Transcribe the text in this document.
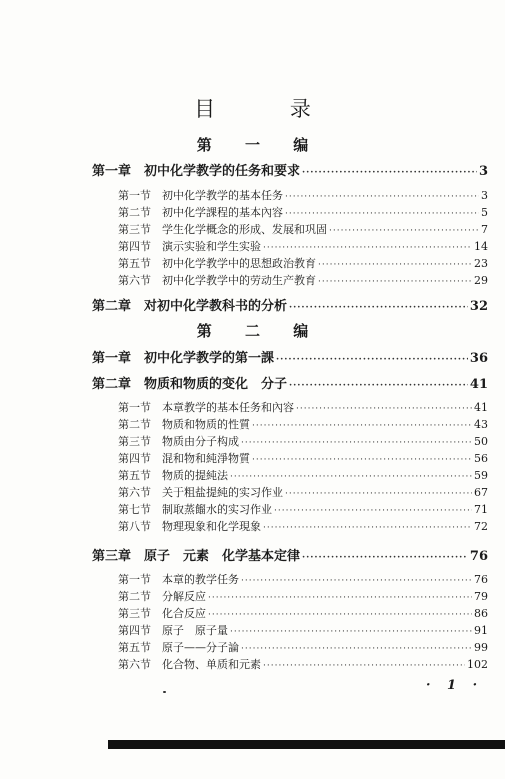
目 录
第 一 编
第 二 编
第一章 初中化学教学的任务和要求 ·····	3
第一节	初中化学教学的基本任务 ·····	3
第二节	初中化学課程的基本內容 ·····	5
第三节	学生化学概念的形成、发展和巩固 ·····	7
第四节	演示实验和学生实验 ·····	14
第五节	初中化学教学中的思想政治教育 ·····	23
第六节	初中化学教学中的劳动生产教育 ·····	29
第二章 对初中化学教科书的分析 ·····	32
第一章 初中化学教学的第一課 ·····	36
第二章 物质和物质的变化　分子 ·····	41
第一节	本章教学的基本任务和內容 ·····	41
第二节	物质和物质的性質 ·····	43
第三节	物质由分子构成 ·····	50
第四节	混和物和純淨物質 ·····	56
第五节	物质的提純法 ·····	59
第六节	关于粗盐提純的实习作业 ·····	67
第七节	制取蒸餾水的实习作业 ·····	71
第八节	物理現象和化学現象 ·····	72
第三章 原子　元素　化学基本定律 ·····	76
第一节	本章的教学任务 ·····	76
第二节	分解反应 ·····	79
第三节	化合反应 ·····	86
第四节	原子　原子量 ·····	91
第五节	原子——分子論 ·····	99
第六节	化合物、单质和元素 ·····	102
· 1 ·
